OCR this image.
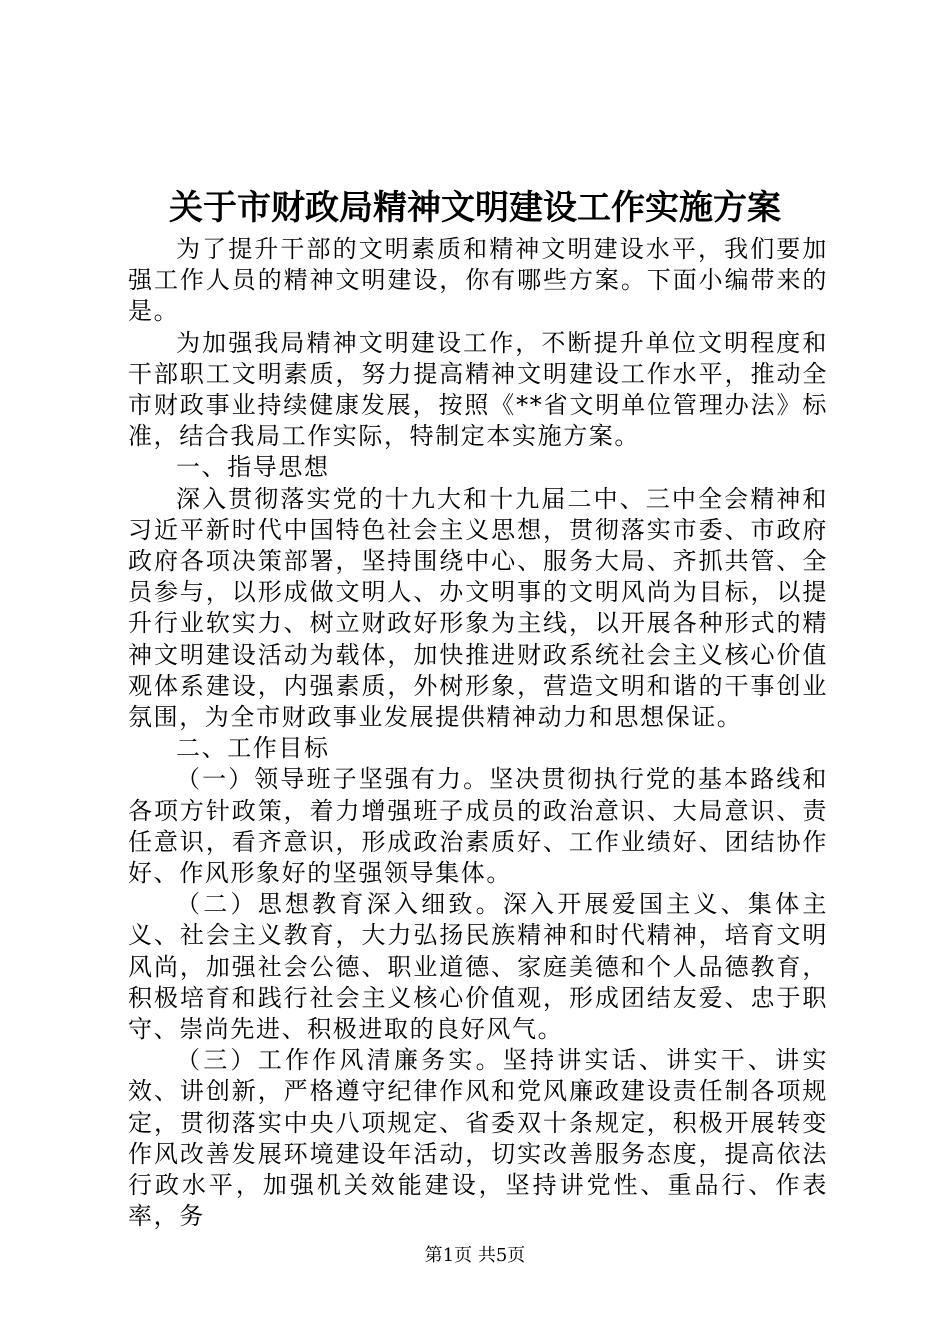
关于市财政局精神文明建设工作实施方案

为了提升干部的文明素质和精神文明建设水平，我们要加强工作人员的精神文明建设，你有哪些方案。下面小编带来的是。

为加强我局精神文明建设工作，不断提升单位文明程度和干部职工文明素质，努力提高精神文明建设工作水平，推动全市财政事业持续健康发展，按照《**省文明单位管理办法》标准，结合我局工作实际，特制定本实施方案。

一、指导思想

深入贯彻落实党的十九大和十九届二中、三中全会精神和习近平新时代中国特色社会主义思想，贯彻落实市委、市政府政府各项决策部署，坚持围绕中心、服务大局、齐抓共管、全员参与，以形成做文明人、办文明事的文明风尚为目标，以提升行业软实力、树立财政好形象为主线，以开展各种形式的精神文明建设活动为载体，加快推进财政系统社会主义核心价值观体系建设，内强素质，外树形象，营造文明和谐的干事创业氛围，为全市财政事业发展提供精神动力和思想保证。

二、工作目标

（一）领导班子坚强有力。坚决贯彻执行党的基本路线和各项方针政策，着力增强班子成员的政治意识、大局意识、责任意识，看齐意识，形成政治素质好、工作业绩好、团结协作好、作风形象好的坚强领导集体。

（二）思想教育深入细致。深入开展爱国主义、集体主义、社会主义教育，大力弘扬民族精神和时代精神，培育文明风尚，加强社会公德、职业道德、家庭美德和个人品德教育，积极培育和践行社会主义核心价值观，形成团结友爱、忠于职守、崇尚先进、积极进取的良好风气。

（三）工作作风清廉务实。坚持讲实话、讲实干、讲实效、讲创新，严格遵守纪律作风和党风廉政建设责任制各项规定，贯彻落实中央八项规定、省委双十条规定，积极开展转变作风改善发展环境建设年活动，切实改善服务态度，提高依法行政水平，加强机关效能建设，坚持讲党性、重品行、作表率，务

第1页 共5页
